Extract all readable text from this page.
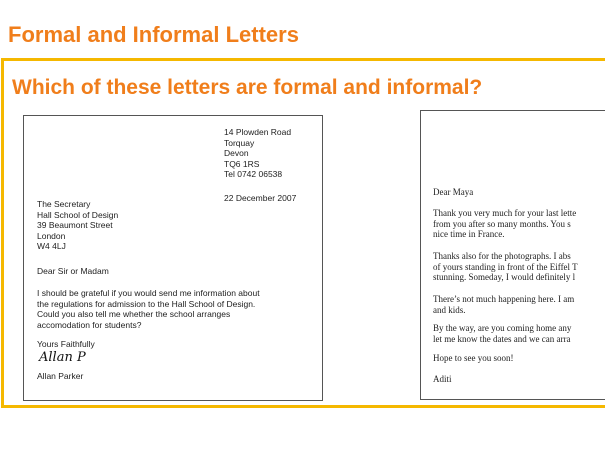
Formal and Informal Letters
Which of these letters are formal and informal?
14 Plowden Road
Torquay
Devon
TQ6 1RS
Tel 0742 06538
22 December 2007
The Secretary
Hall School of Design
39 Beaumont Street
London
W4 4LJ
Dear Sir or Madam
I should be grateful if you would send me information about
the regulations for admission to the Hall School of Design.
Could you also tell me whether the school arranges
accomodation for students?
Yours Faithfully
Allan P
Allan Parker
Dear Maya
Thank you very much for your last lette
from you after so many months. You s
nice time in France.
Thanks also for the photographs. I abs
of yours standing in front of the Eiffel T
stunning. Someday, I would definitely l
There’s not much happening here. I am
and kids.
By the way, are you coming home any
let me know the dates and we can arra
Hope to see you soon!
Aditi
